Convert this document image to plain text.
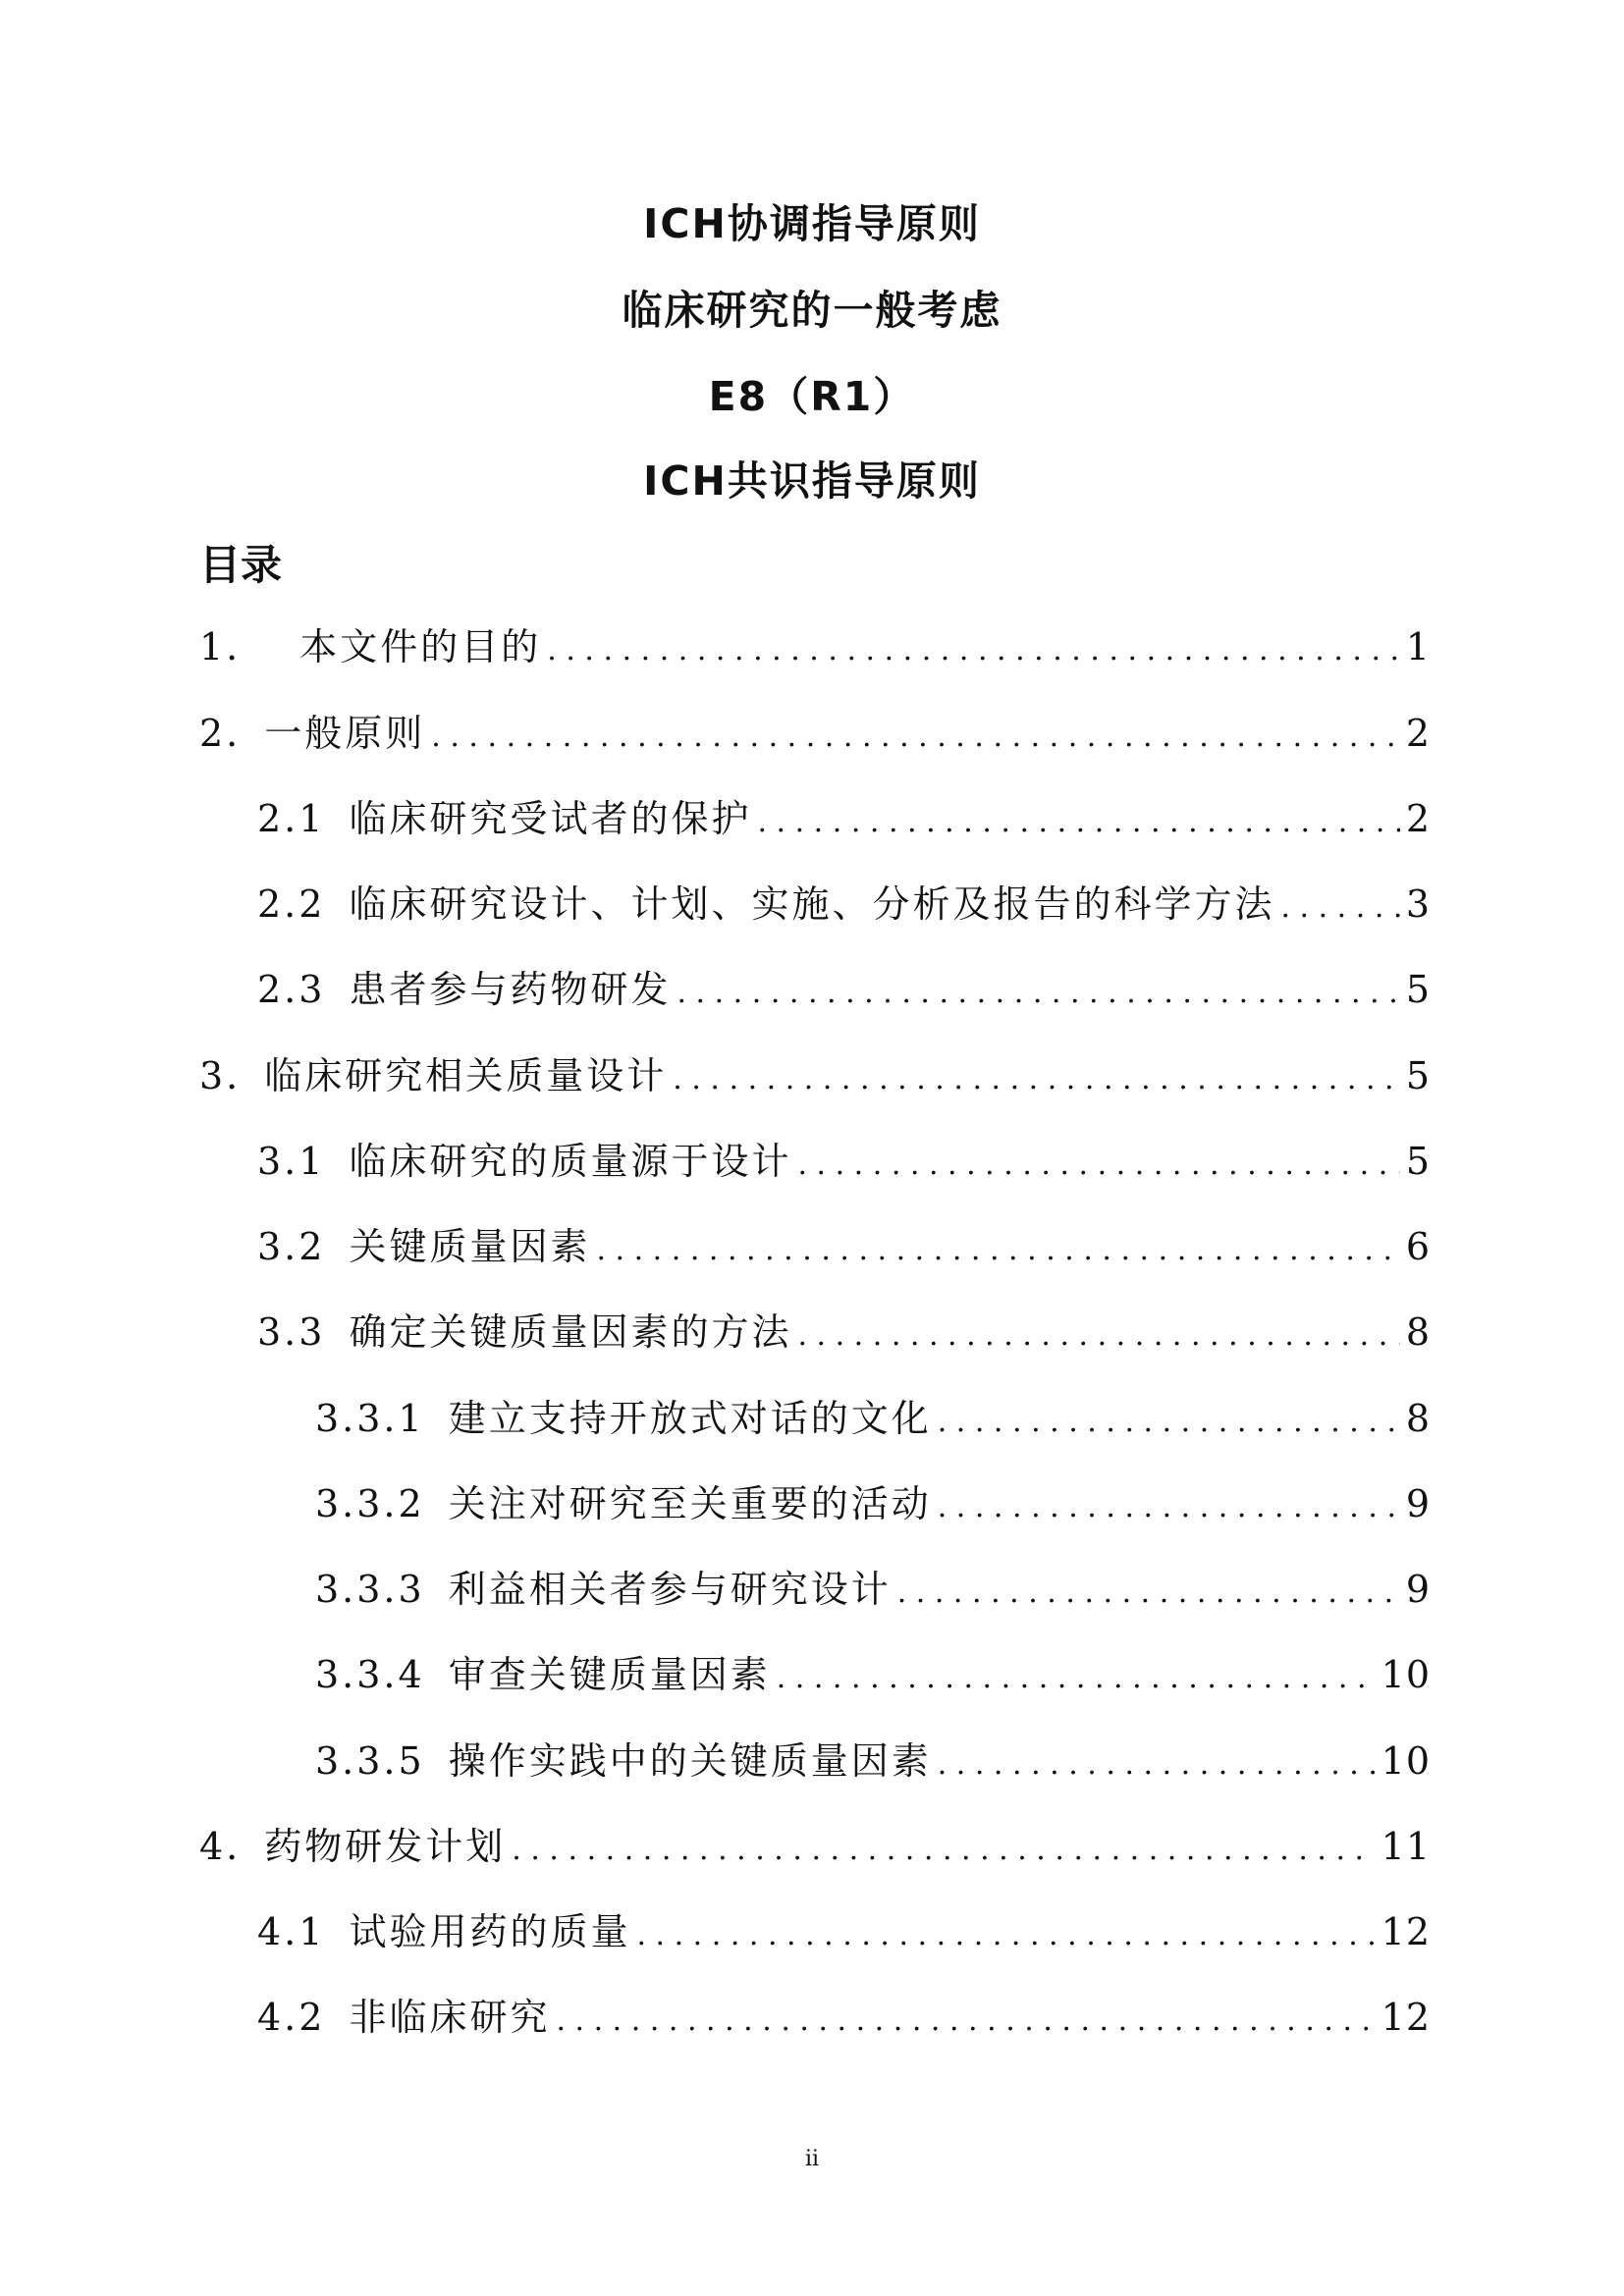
ICH协调指导原则
临床研究的一般考虑
E8（R1）
ICH共识指导原则
目录
1. 本文件的目的 . . .	1
2. 一般原则 . . .	2
2.1 临床研究受试者的保护 . . .	2
2.2 临床研究设计、计划、实施、分析及报告的科学方法 . . .	3
2.3 患者参与药物研发 . . .	5
3. 临床研究相关质量设计 . . .	5
3.1 临床研究的质量源于设计 . . .	5
3.2 关键质量因素 . . .	6
3.3 确定关键质量因素的方法 . . .	8
3.3.1 建立支持开放式对话的文化 . . .	8
3.3.2 关注对研究至关重要的活动 . . .	9
3.3.3 利益相关者参与研究设计 . . .	9
3.3.4 审查关键质量因素 . . .	10
3.3.5 操作实践中的关键质量因素 . . .	10
4. 药物研发计划 . . .	11
4.1 试验用药的质量 . . .	12
4.2 非临床研究 . . .	12
ii
